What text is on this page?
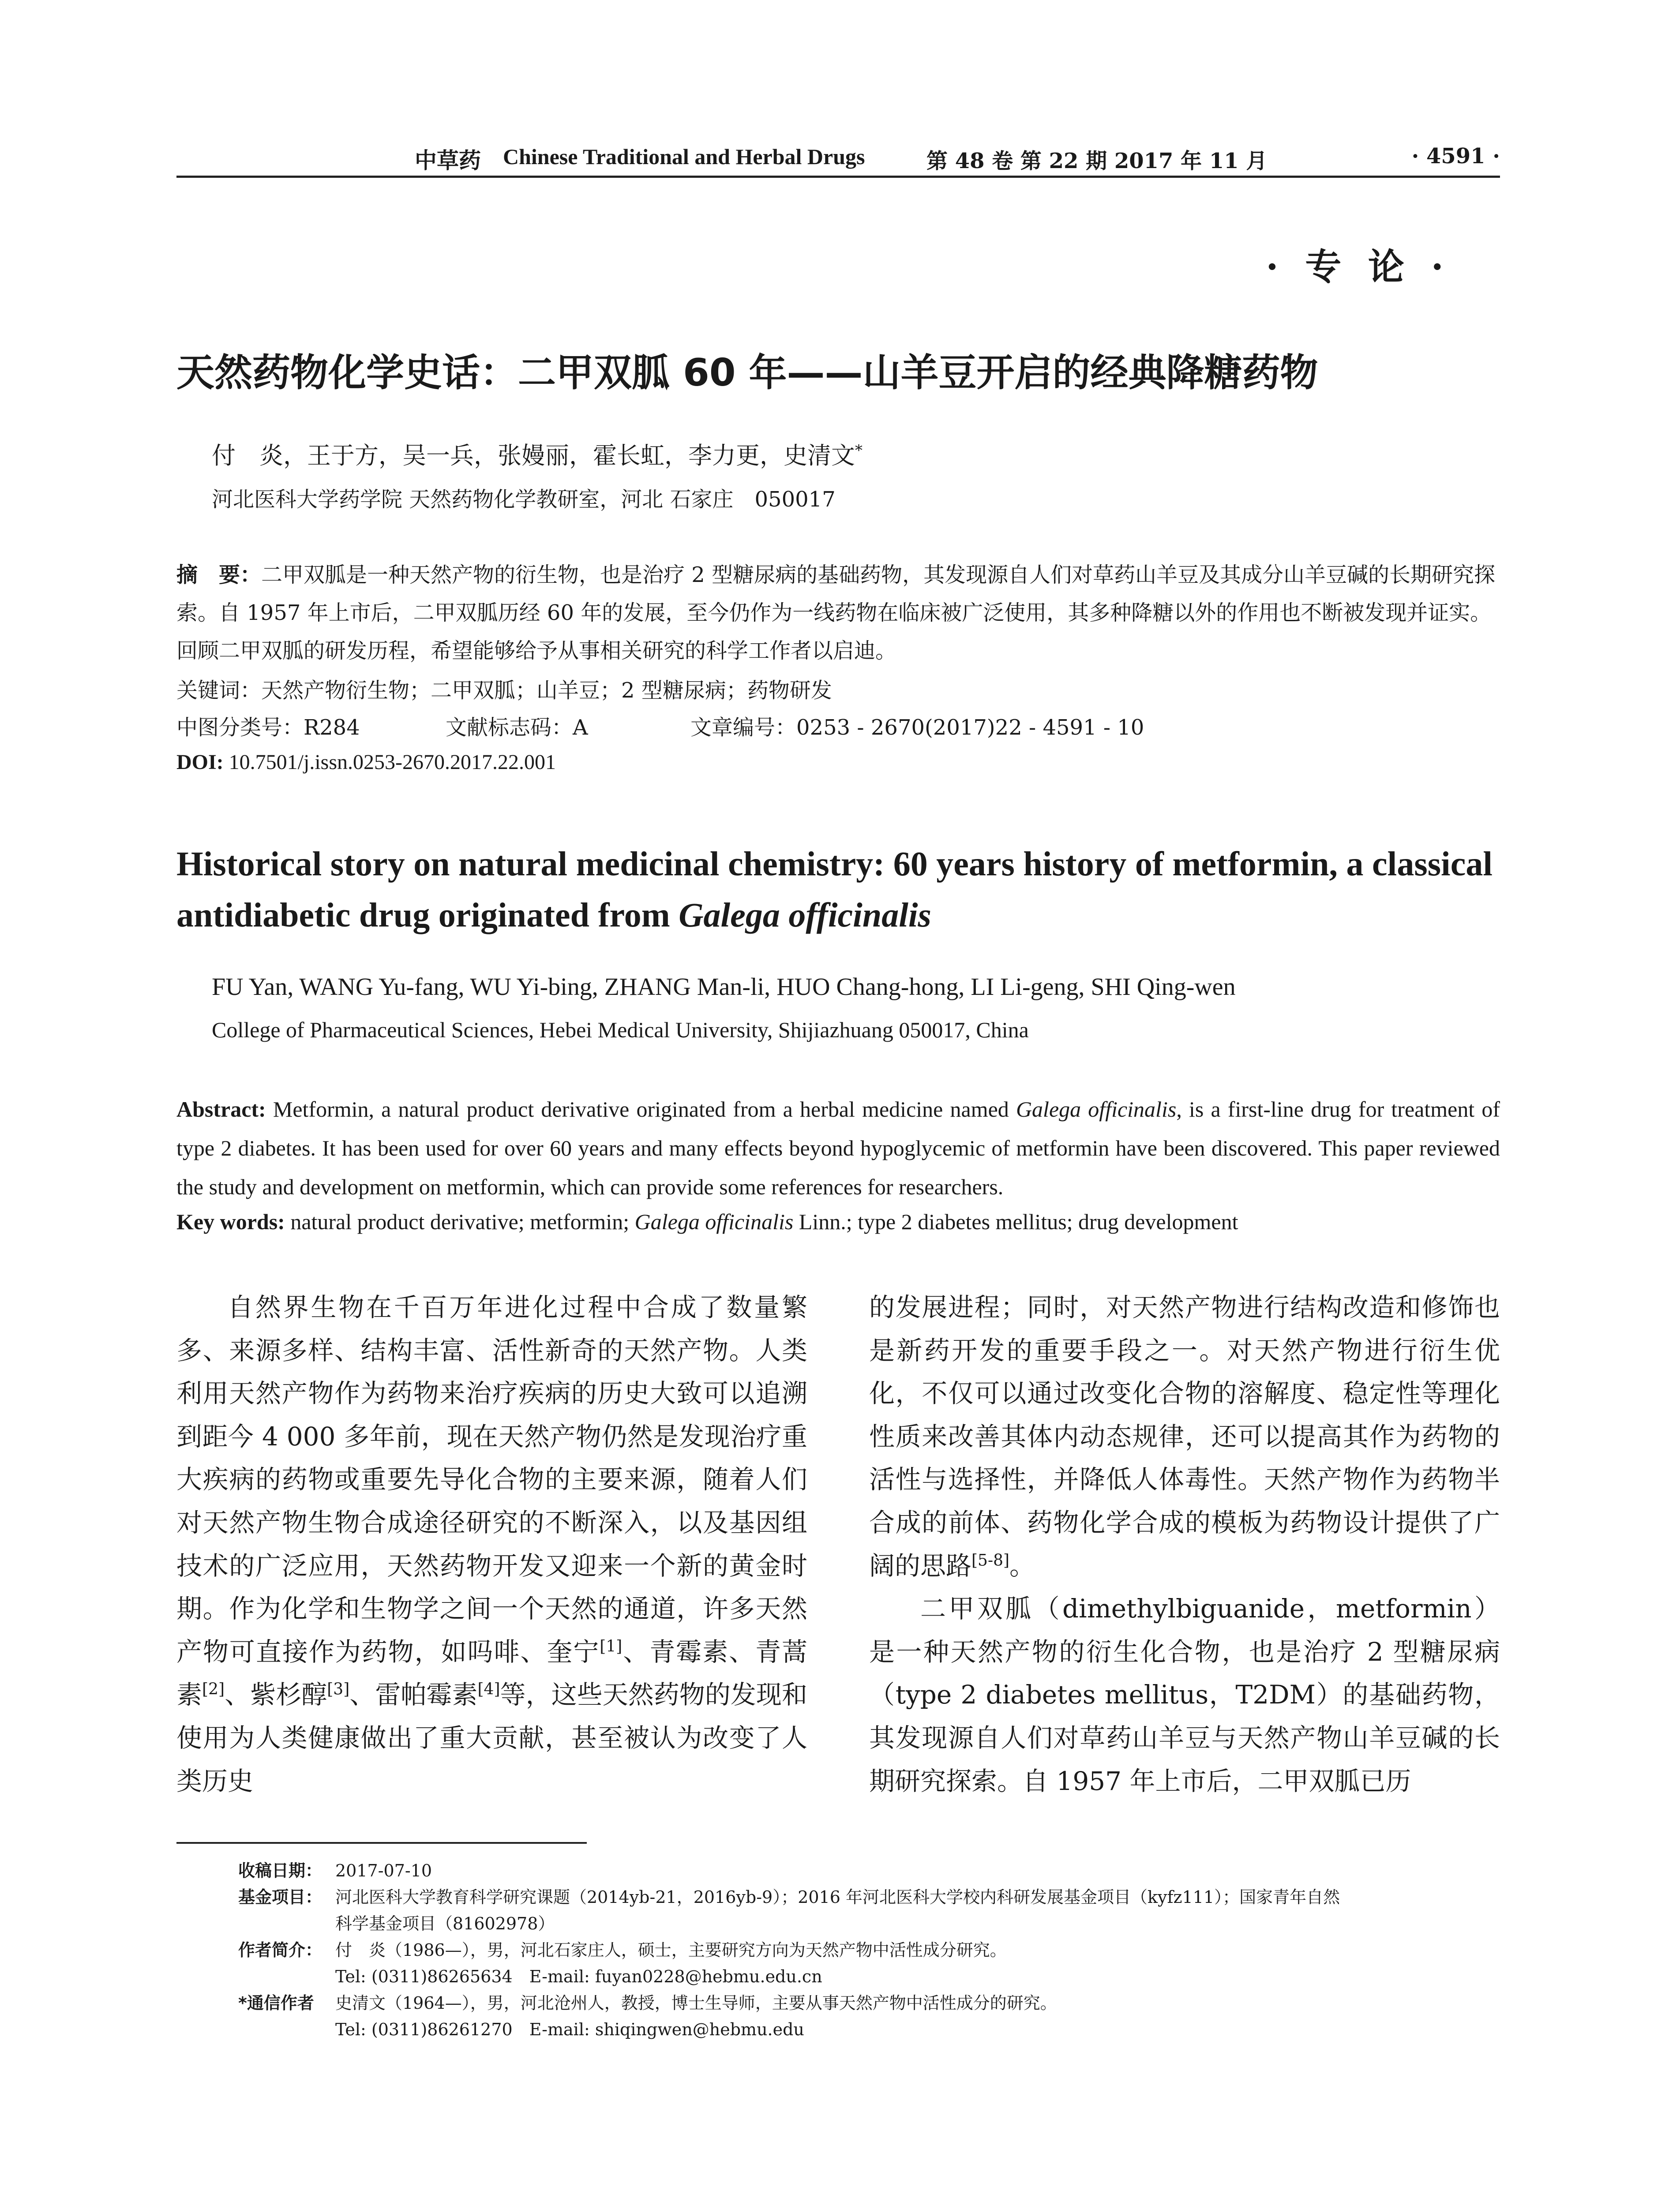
中草药 Chinese Traditional and Herbal Drugs	第 48 卷 第 22 期 2017 年 11 月	· 4591 ·
· 专 论 ·
天然药物化学史话：二甲双胍 60 年——山羊豆开启的经典降糖药物
付　炎，王于方，吴一兵，张嫚丽，霍长虹，李力更，史清文*
河北医科大学药学院 天然药物化学教研室，河北 石家庄　050017
摘　要：二甲双胍是一种天然产物的衍生物，也是治疗 2 型糖尿病的基础药物，其发现源自人们对草药山羊豆及其成分山羊豆碱的长期研究探索。自 1957 年上市后，二甲双胍历经 60 年的发展，至今仍作为一线药物在临床被广泛使用，其多种降糖以外的作用也不断被发现并证实。回顾二甲双胍的研发历程，希望能够给予从事相关研究的科学工作者以启迪。
关键词：天然产物衍生物；二甲双胍；山羊豆；2 型糖尿病；药物研发
中图分类号：R284	文献标志码：A	文章编号：0253 - 2670(2017)22 - 4591 - 10
DOI: 10.7501/j.issn.0253-2670.2017.22.001
Historical story on natural medicinal chemistry: 60 years history of metformin, a classical antidiabetic drug originated from Galega officinalis
FU Yan, WANG Yu-fang, WU Yi-bing, ZHANG Man-li, HUO Chang-hong, LI Li-geng, SHI Qing-wen
College of Pharmaceutical Sciences, Hebei Medical University, Shijiazhuang 050017, China
Abstract: Metformin, a natural product derivative originated from a herbal medicine named Galega officinalis, is a first-line drug for treatment of type 2 diabetes. It has been used for over 60 years and many effects beyond hypoglycemic of metformin have been discovered. This paper reviewed the study and development on metformin, which can provide some references for researchers.
Key words: natural product derivative; metformin; Galega officinalis Linn.; type 2 diabetes mellitus; drug development

自然界生物在千百万年进化过程中合成了数量繁多、来源多样、结构丰富、活性新奇的天然产物。人类利用天然产物作为药物来治疗疾病的历史大致可以追溯到距今 4 000 多年前，现在天然产物仍然是发现治疗重大疾病的药物或重要先导化合物的主要来源，随着人们对天然产物生物合成途径研究的不断深入，以及基因组技术的广泛应用，天然药物开发又迎来一个新的黄金时期。作为化学和生物学之间一个天然的通道，许多天然产物可直接作为药物，如吗啡、奎宁[1]、青霉素、青蒿素[2]、紫杉醇[3]、雷帕霉素[4]等，这些天然药物的发现和使用为人类健康做出了重大贡献，甚至被认为改变了人类历史

的发展进程；同时，对天然产物进行结构改造和修饰也是新药开发的重要手段之一。对天然产物进行衍生优化，不仅可以通过改变化合物的溶解度、稳定性等理化性质来改善其体内动态规律，还可以提高其作为药物的活性与选择性，并降低人体毒性。天然产物作为药物半合成的前体、药物化学合成的模板为药物设计提供了广阔的思路[5-8]。

二甲双胍（dimethylbiguanide，metformin）是一种天然产物的衍生化合物，也是治疗 2 型糖尿病（type 2 diabetes mellitus，T2DM）的基础药物，其发现源自人们对草药山羊豆与天然产物山羊豆碱的长期研究探索。自 1957 年上市后，二甲双胍已历

收稿日期： 2017-07-10
基金项目： 河北医科大学教育科学研究课题（2014yb-21，2016yb-9）；2016 年河北医科大学校内科研发展基金项目（kyfz111）；国家青年自然
科学基金项目（81602978）
作者简介： 付　炎（1986—），男，河北石家庄人，硕士，主要研究方向为天然产物中活性成分研究。
Tel: (0311)86265634　E-mail: fuyan0228@hebmu.edu.cn
*通信作者 史清文（1964—），男，河北沧州人，教授，博士生导师，主要从事天然产物中活性成分的研究。
Tel: (0311)86261270　E-mail: shiqingwen@hebmu.edu
